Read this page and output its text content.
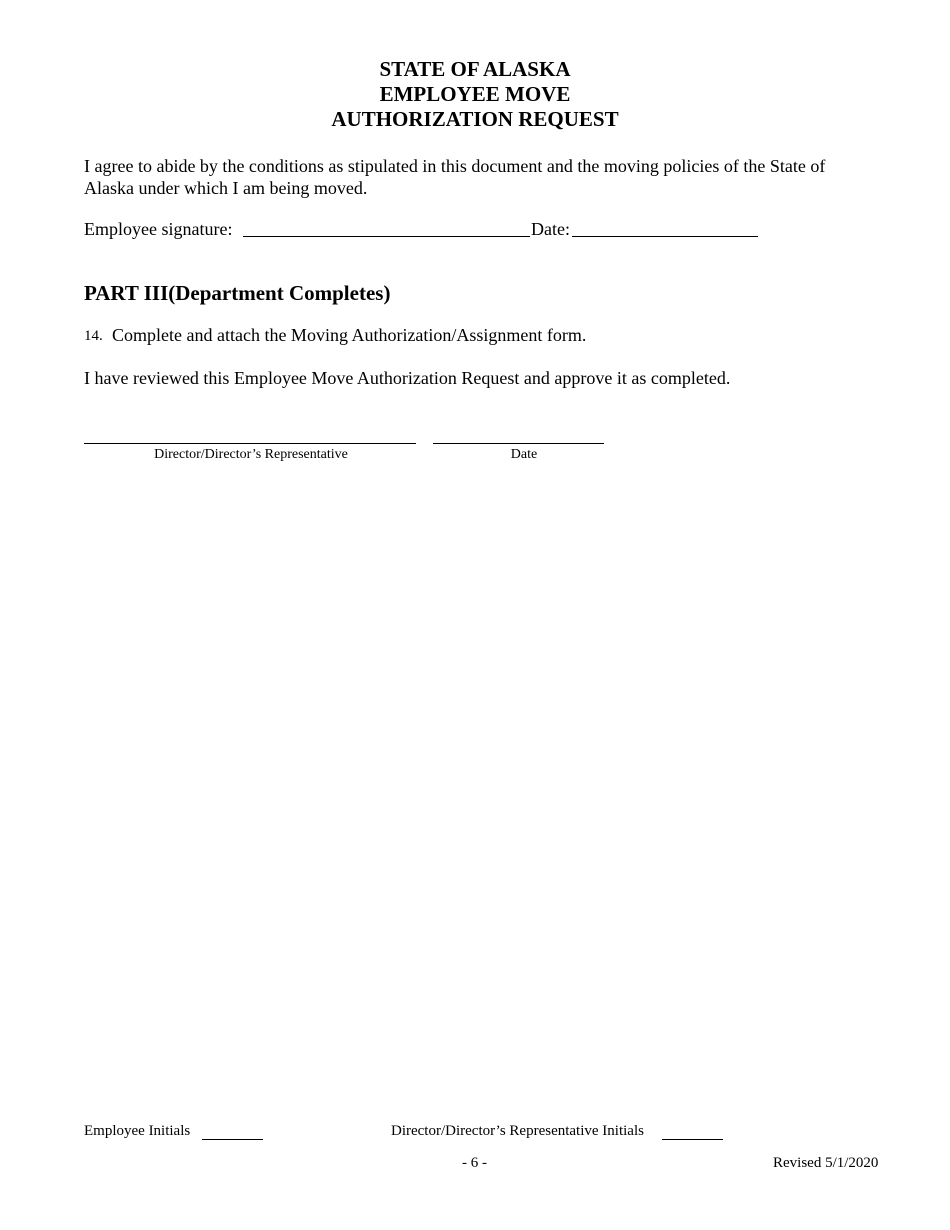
STATE OF ALASKA
EMPLOYEE MOVE
AUTHORIZATION REQUEST
I agree to abide by the conditions as stipulated in this document and the moving policies of the State of
Alaska under which I am being moved.
Employee signature:	Date:
PART III(Department Completes)
14. Complete and attach the Moving Authorization/Assignment form.
I have reviewed this Employee Move Authorization Request and approve it as completed.
Director/Director’s Representative	Date
Employee Initials	Director/Director’s Representative Initials
- 6 -	Revised 5/1/2020
